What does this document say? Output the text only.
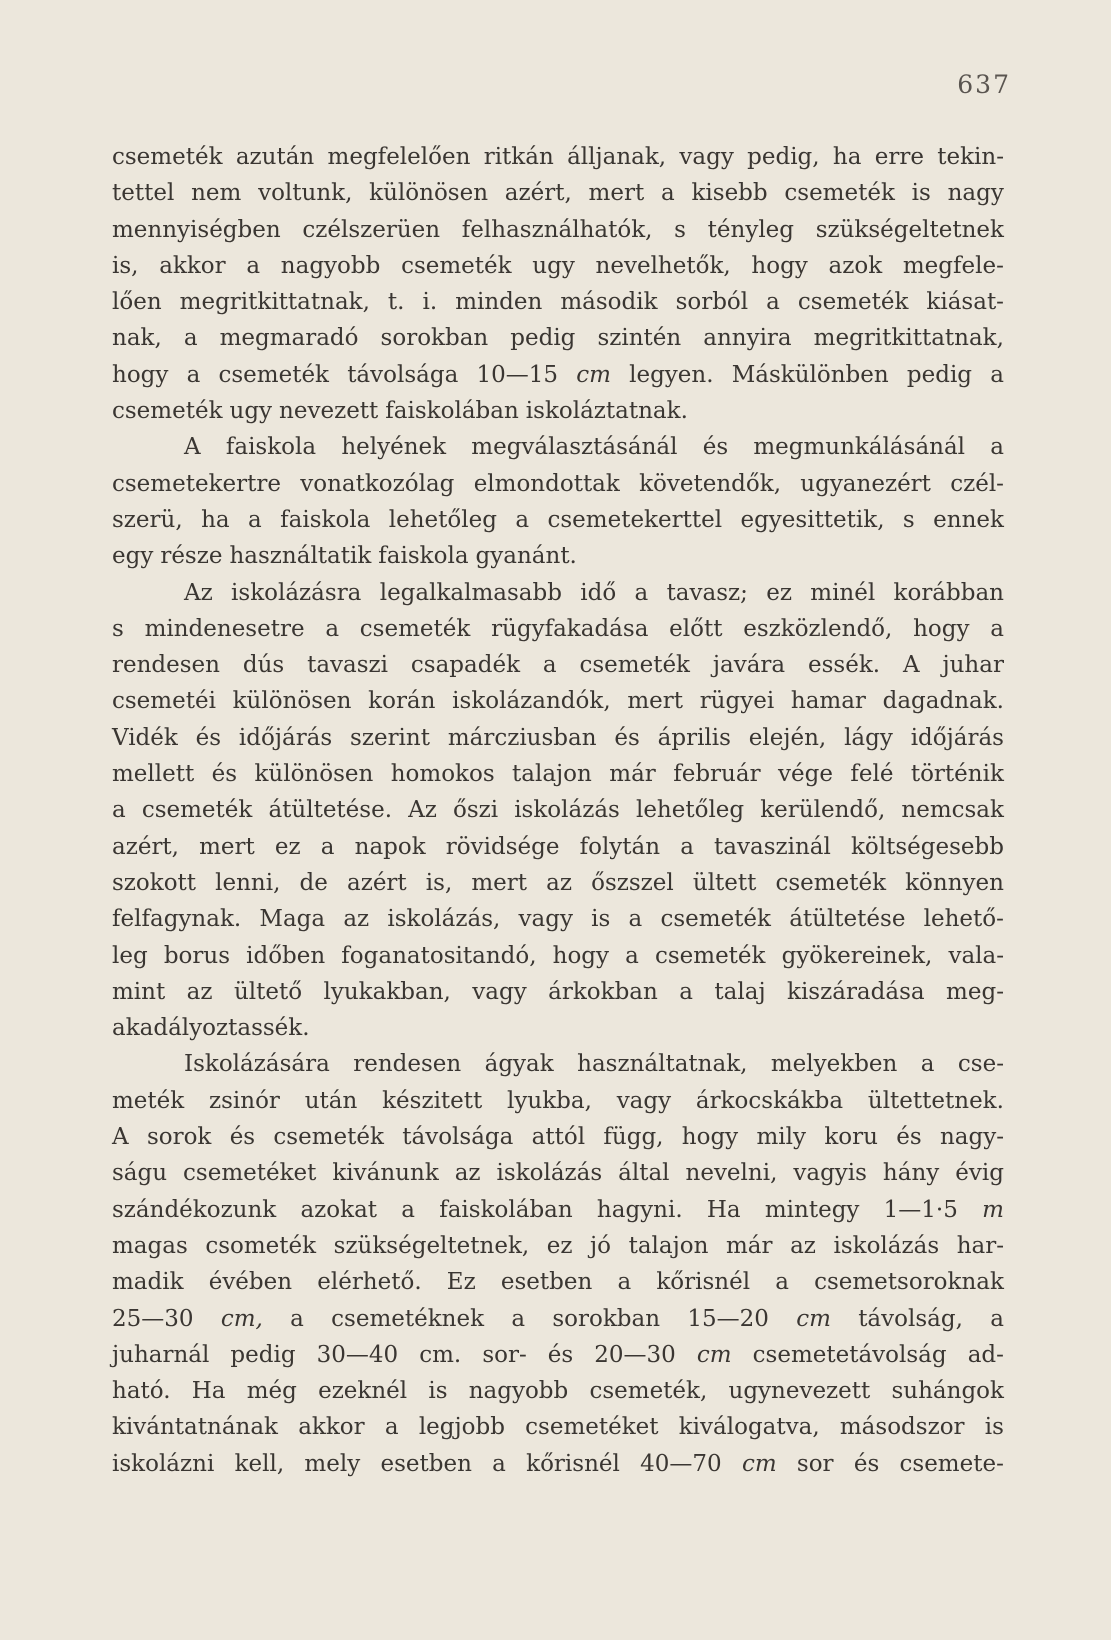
637
csemeték azután megfelelően ritkán álljanak, vagy pedig, ha erre tekin-
tettel nem voltunk, különösen azért, mert a kisebb csemeték is nagy
mennyiségben czélszerüen felhasználhatók, s tényleg szükségeltetnek
is, akkor a nagyobb csemeték ugy nevelhetők, hogy azok megfele-
lően megritkittatnak, t. i. minden második sorból a csemeték kiásat-
nak, a megmaradó sorokban pedig szintén annyira megritkittatnak,
hogy a csemeték távolsága 10—15 cm legyen. Máskülönben pedig a
csemeték ugy nevezett faiskolában iskoláztatnak.
A faiskola helyének megválasztásánál és megmunkálásánál a
csemetekertre vonatkozólag elmondottak követendők, ugyanezért czél-
szerü, ha a faiskola lehetőleg a csemetekerttel egyesittetik, s ennek
egy része használtatik faiskola gyanánt.
Az iskolázásra legalkalmasabb idő a tavasz; ez minél korábban
s mindenesetre a csemeték rügyfakadása előtt eszközlendő, hogy a
rendesen dús tavaszi csapadék a csemeték javára essék. A juhar
csemetéi különösen korán iskolázandók, mert rügyei hamar dagadnak.
Vidék és időjárás szerint márcziusban és április elején, lágy időjárás
mellett és különösen homokos talajon már február vége felé történik
a csemeték átültetése. Az őszi iskolázás lehetőleg kerülendő, nemcsak
azért, mert ez a napok rövidsége folytán a tavaszinál költségesebb
szokott lenni, de azért is, mert az őszszel ültett csemeték könnyen
felfagynak. Maga az iskolázás, vagy is a csemeték átültetése lehető-
leg borus időben foganatositandó, hogy a csemeték gyökereinek, vala-
mint az ültető lyukakban, vagy árkokban a talaj kiszáradása meg-
akadályoztassék.
Iskolázására rendesen ágyak használtatnak, melyekben a cse-
meték zsinór után készitett lyukba, vagy árkocskákba ültettetnek.
A sorok és csemeték távolsága attól függ, hogy mily koru és nagy-
ságu csemetéket kivánunk az iskolázás által nevelni, vagyis hány évig
szándékozunk azokat a faiskolában hagyni. Ha mintegy 1—1·5 m
magas csometék szükségeltetnek, ez jó talajon már az iskolázás har-
madik évében elérhető. Ez esetben a kőrisnél a csemetsoroknak
25—30 cm, a csemetéknek a sorokban 15—20 cm távolság, a
juharnál pedig 30—40 cm. sor- és 20—30 cm csemetetávolság ad-
ható. Ha még ezeknél is nagyobb csemeték, ugynevezett suhángok
kivántatnának akkor a legjobb csemetéket kiválogatva, másodszor is
iskolázni kell, mely esetben a kőrisnél 40—70 cm sor és csemete-
